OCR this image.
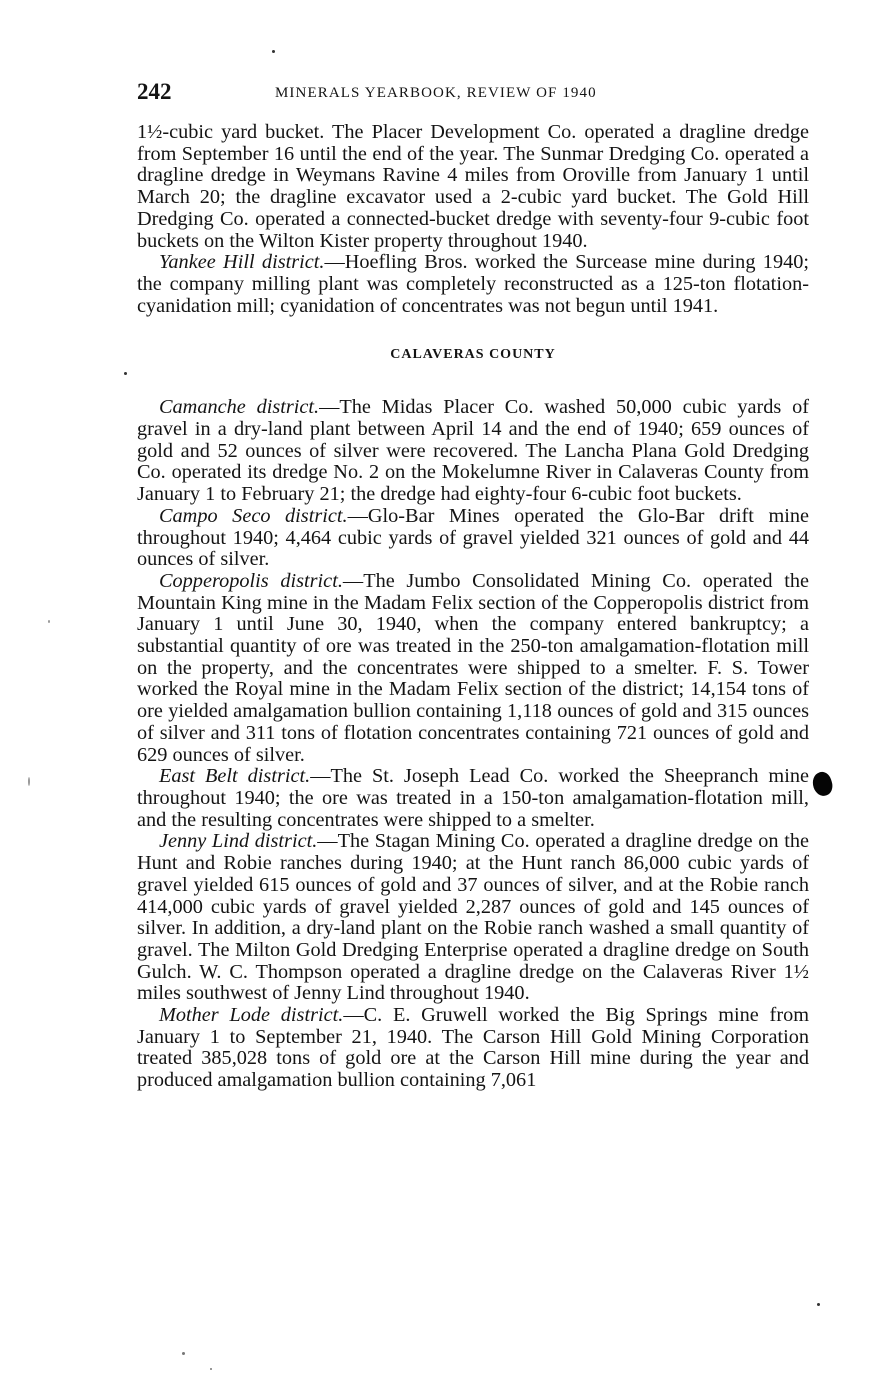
242	MINERALS YEARBOOK, REVIEW OF 1940

1½-cubic yard bucket. The Placer Development Co. operated a dragline dredge from September 16 until the end of the year. The Sunmar Dredging Co. operated a dragline dredge in Weymans Ravine 4 miles from Oroville from January 1 until March 20; the dragline excavator used a 2-cubic yard bucket. The Gold Hill Dredging Co. operated a connected-bucket dredge with seventy-four 9-cubic foot buckets on the Wilton Kister property throughout 1940.

Yankee Hill district.—Hoefling Bros. worked the Surcease mine during 1940; the company milling plant was completely reconstructed as a 125-ton flotation-cyanidation mill; cyanidation of concentrates was not begun until 1941.

CALAVERAS COUNTY

Camanche district.—The Midas Placer Co. washed 50,000 cubic yards of gravel in a dry-land plant between April 14 and the end of 1940; 659 ounces of gold and 52 ounces of silver were recovered. The Lancha Plana Gold Dredging Co. operated its dredge No. 2 on the Mokelumne River in Calaveras County from January 1 to February 21; the dredge had eighty-four 6-cubic foot buckets.

Campo Seco district.—Glo-Bar Mines operated the Glo-Bar drift mine throughout 1940; 4,464 cubic yards of gravel yielded 321 ounces of gold and 44 ounces of silver.

Copperopolis district.—The Jumbo Consolidated Mining Co. operated the Mountain King mine in the Madam Felix section of the Copperopolis district from January 1 until June 30, 1940, when the company entered bankruptcy; a substantial quantity of ore was treated in the 250-ton amalgamation-flotation mill on the property, and the concentrates were shipped to a smelter. F. S. Tower worked the Royal mine in the Madam Felix section of the district; 14,154 tons of ore yielded amalgamation bullion containing 1,118 ounces of gold and 315 ounces of silver and 311 tons of flotation concentrates containing 721 ounces of gold and 629 ounces of silver.

East Belt district.—The St. Joseph Lead Co. worked the Sheepranch mine throughout 1940; the ore was treated in a 150-ton amalgamation-flotation mill, and the resulting concentrates were shipped to a smelter.

Jenny Lind district.—The Stagan Mining Co. operated a dragline dredge on the Hunt and Robie ranches during 1940; at the Hunt ranch 86,000 cubic yards of gravel yielded 615 ounces of gold and 37 ounces of silver, and at the Robie ranch 414,000 cubic yards of gravel yielded 2,287 ounces of gold and 145 ounces of silver. In addition, a dry-land plant on the Robie ranch washed a small quantity of gravel. The Milton Gold Dredging Enterprise operated a dragline dredge on South Gulch. W. C. Thompson operated a dragline dredge on the Calaveras River 1½ miles southwest of Jenny Lind throughout 1940.

Mother Lode district.—C. E. Gruwell worked the Big Springs mine from January 1 to September 21, 1940. The Carson Hill Gold Mining Corporation treated 385,028 tons of gold ore at the Carson Hill mine during the year and produced amalgamation bullion containing 7,061
